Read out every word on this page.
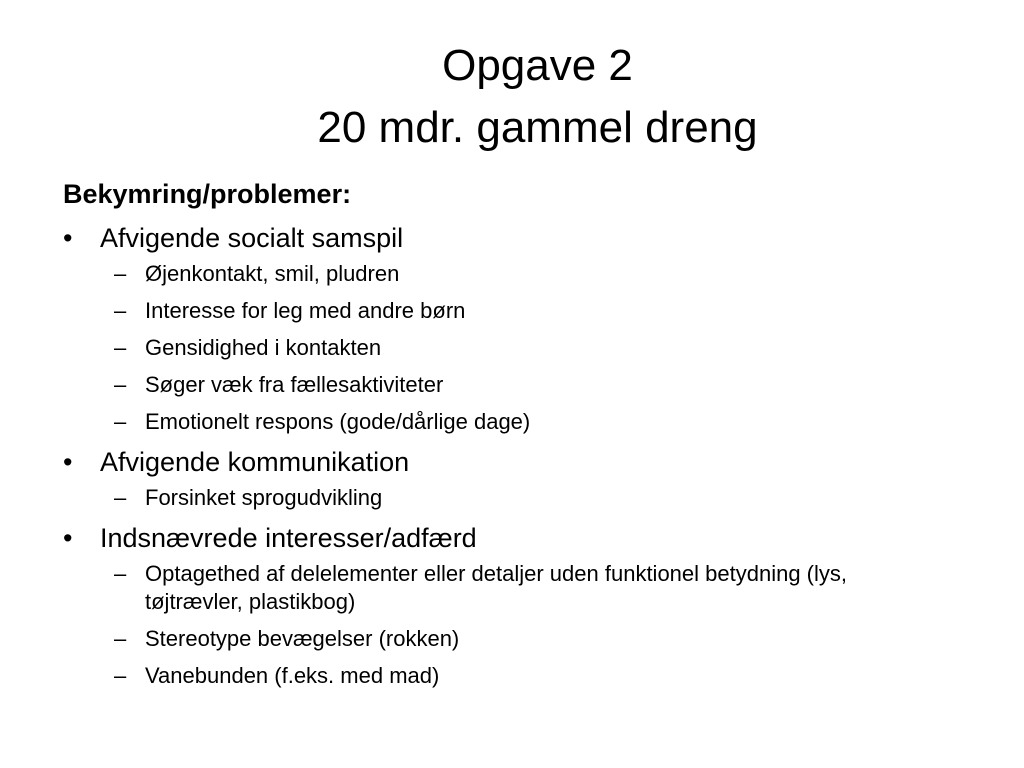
Opgave 2
20 mdr. gammel dreng
Bekymring/problemer:
• Afvigende socialt samspil
– Øjenkontakt, smil, pludren
– Interesse for leg med andre børn
– Gensidighed i kontakten
– Søger væk fra fællesaktiviteter
– Emotionelt respons (gode/dårlige dage)
• Afvigende kommunikation
– Forsinket sprogudvikling
• Indsnævrede interesser/adfærd
– Optagethed af delelementer eller detaljer uden funktionel betydning (lys, tøjtrævler, plastikbog)
– Stereotype bevægelser (rokken)
– Vanebunden (f.eks. med mad)
